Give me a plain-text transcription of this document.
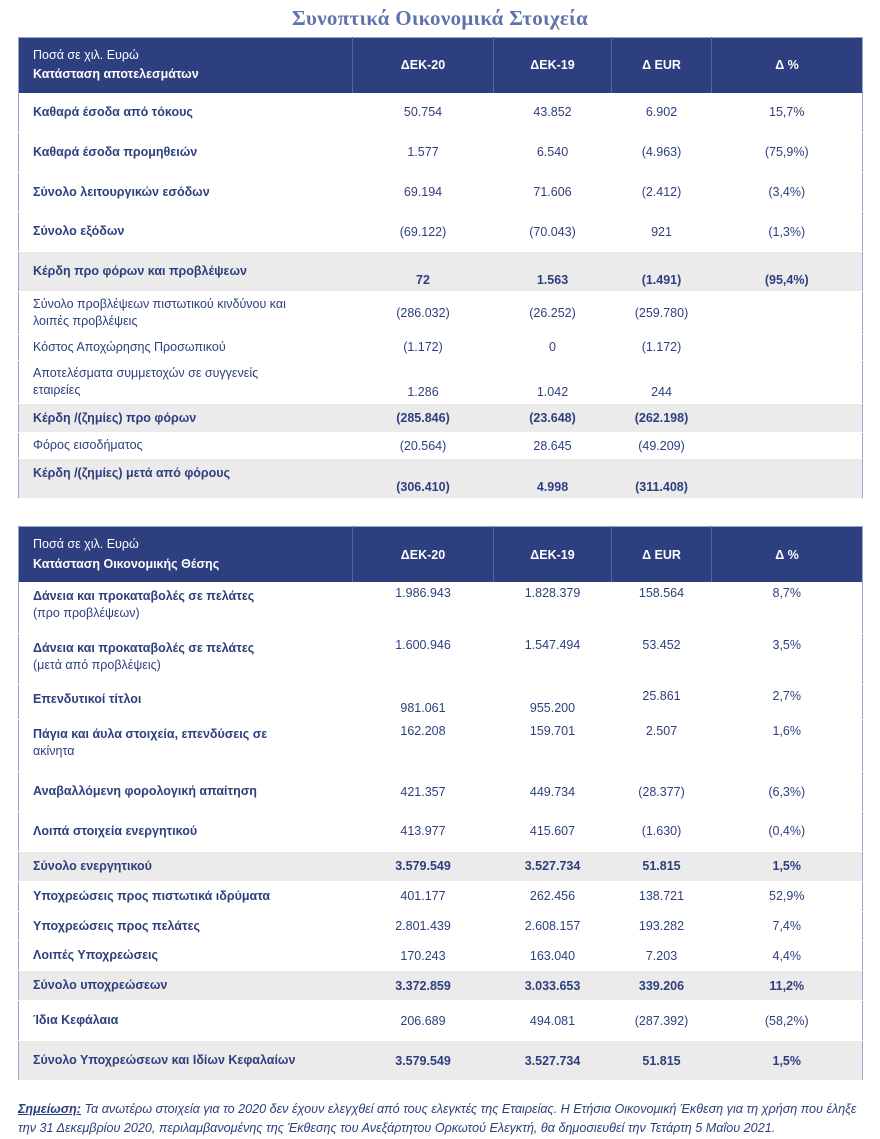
Συνοπτικά Οικονομικά Στοιχεία
Ποσά σε χιλ. Ευρώ
Κατάσταση αποτελεσμάτων	ΔΕΚ-20	ΔΕΚ-19	Δ EUR	Δ %
Καθαρά έσοδα από τόκους	50.754	43.852	6.902	15,7%
Καθαρά έσοδα προμηθειών	1.577	6.540	(4.963)	(75,9%)
Σύνολο λειτουργικών εσόδων	69.194	71.606	(2.412)	(3,4%)
Σύνολο εξόδων	(69.122)	(70.043)	921	(1,3%)
Κέρδη προ φόρων και προβλέψεων	72	1.563	(1.491)	(95,4%)
Σύνολο προβλέψεων πιστωτικού κινδύνου και
λοιπές προβλέψεις	(286.032)	(26.252)	(259.780)	
Κόστος Αποχώρησης Προσωπικού	(1.172)	0	(1.172)	
Αποτελέσματα συμμετοχών σε συγγενείς
εταιρείες	1.286	1.042	244	
Κέρδη /(ζημίες) προ φόρων	(285.846)	(23.648)	(262.198)	
Φόρος εισοδήματος	(20.564)	28.645	(49.209)	
Κέρδη /(ζημίες) μετά από φόρους	(306.410)	4.998	(311.408)	
Ποσά σε χιλ. Ευρώ
Κατάσταση Οικονομικής Θέσης	ΔΕΚ-20	ΔΕΚ-19	Δ EUR	Δ %
Δάνεια και προκαταβολές σε πελάτες
(προ προβλέψεων)	1.986.943	1.828.379	158.564	8,7%
Δάνεια και προκαταβολές σε πελάτες
(μετά από προβλέψεις)	1.600.946	1.547.494	53.452	3,5%
Επενδυτικοί τίτλοι	981.061	955.200	25.861	2,7%
Πάγια και άυλα στοιχεία, επενδύσεις σε
ακίνητα	162.208	159.701	2.507	1,6%
Αναβαλλόμενη φορολογική απαίτηση	421.357	449.734	(28.377)	(6,3%)
Λοιπά στοιχεία ενεργητικού	413.977	415.607	(1.630)	(0,4%)
Σύνολο ενεργητικού	3.579.549	3.527.734	51.815	1,5%
Υποχρεώσεις προς πιστωτικά ιδρύματα	401.177	262.456	138.721	52,9%
Υποχρεώσεις προς πελάτες	2.801.439	2.608.157	193.282	7,4%
Λοιπές Υποχρεώσεις	170.243	163.040	7.203	4,4%
Σύνολο υποχρεώσεων	3.372.859	3.033.653	339.206	11,2%
Ίδια Κεφάλαια	206.689	494.081	(287.392)	(58,2%)
Σύνολο Υποχρεώσεων και Ιδίων Κεφαλαίων	3.579.549	3.527.734	51.815	1,5%
Σημείωση: Τα ανωτέρω στοιχεία για το 2020 δεν έχουν ελεγχθεί από τους ελεγκτές της Εταιρείας. Η Ετήσια Οικονομική Έκθεση για τη χρήση που έληξε την 31 Δεκεμβρίου 2020, περιλαμβανομένης της Έκθεσης του Ανεξάρτητου Ορκωτού Ελεγκτή, θα δημοσιευθεί την Τετάρτη 5 Μαΐου 2021.
